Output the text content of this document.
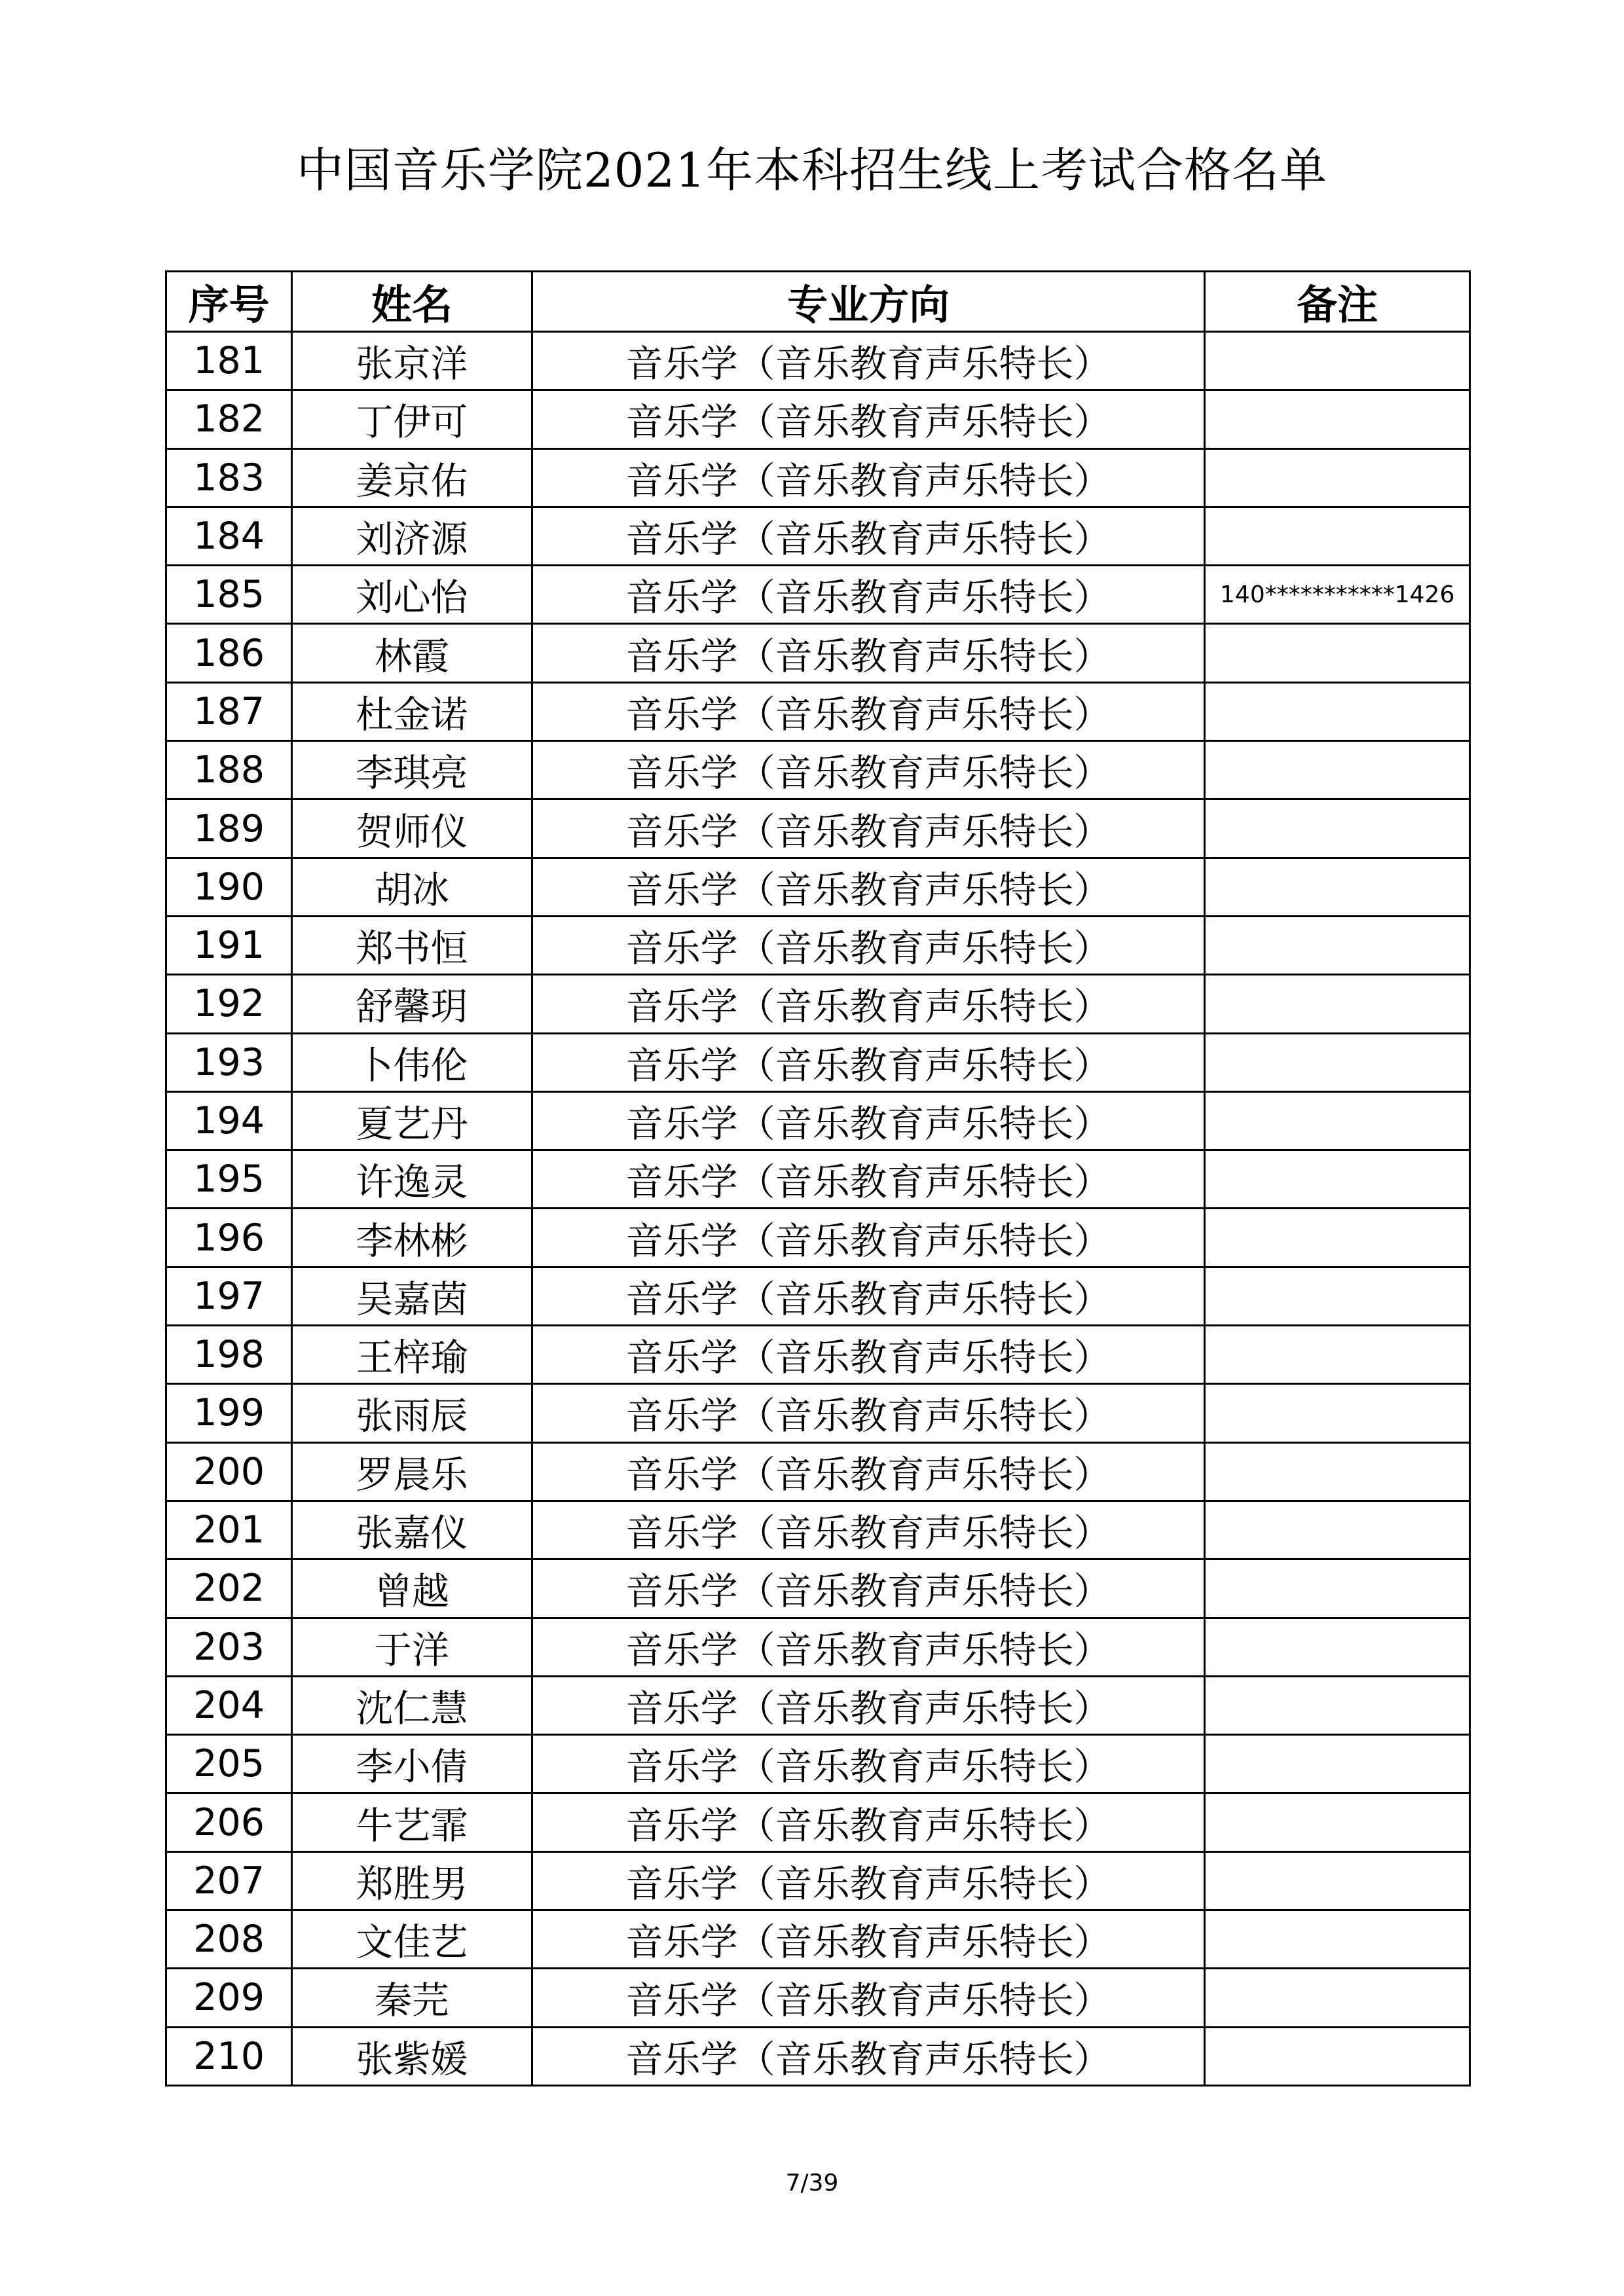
中国音乐学院2021年本科招生线上考试合格名单
序号	姓名	专业方向	备注
181	张京洋	音乐学（音乐教育声乐特长）	
182	丁伊可	音乐学（音乐教育声乐特长）	
183	姜京佑	音乐学（音乐教育声乐特长）	
184	刘济源	音乐学（音乐教育声乐特长）	
185	刘心怡	音乐学（音乐教育声乐特长）	140***********1426
186	林霞	音乐学（音乐教育声乐特长）	
187	杜金诺	音乐学（音乐教育声乐特长）	
188	李琪亮	音乐学（音乐教育声乐特长）	
189	贺师仪	音乐学（音乐教育声乐特长）	
190	胡冰	音乐学（音乐教育声乐特长）	
191	郑书恒	音乐学（音乐教育声乐特长）	
192	舒馨玥	音乐学（音乐教育声乐特长）	
193	卜伟伦	音乐学（音乐教育声乐特长）	
194	夏艺丹	音乐学（音乐教育声乐特长）	
195	许逸灵	音乐学（音乐教育声乐特长）	
196	李林彬	音乐学（音乐教育声乐特长）	
197	吴嘉茵	音乐学（音乐教育声乐特长）	
198	王梓瑜	音乐学（音乐教育声乐特长）	
199	张雨辰	音乐学（音乐教育声乐特长）	
200	罗晨乐	音乐学（音乐教育声乐特长）	
201	张嘉仪	音乐学（音乐教育声乐特长）	
202	曾越	音乐学（音乐教育声乐特长）	
203	于洋	音乐学（音乐教育声乐特长）	
204	沈仁慧	音乐学（音乐教育声乐特长）	
205	李小倩	音乐学（音乐教育声乐特长）	
206	牛艺霏	音乐学（音乐教育声乐特长）	
207	郑胜男	音乐学（音乐教育声乐特长）	
208	文佳艺	音乐学（音乐教育声乐特长）	
209	秦芫	音乐学（音乐教育声乐特长）	
210	张紫媛	音乐学（音乐教育声乐特长）	
7/39
